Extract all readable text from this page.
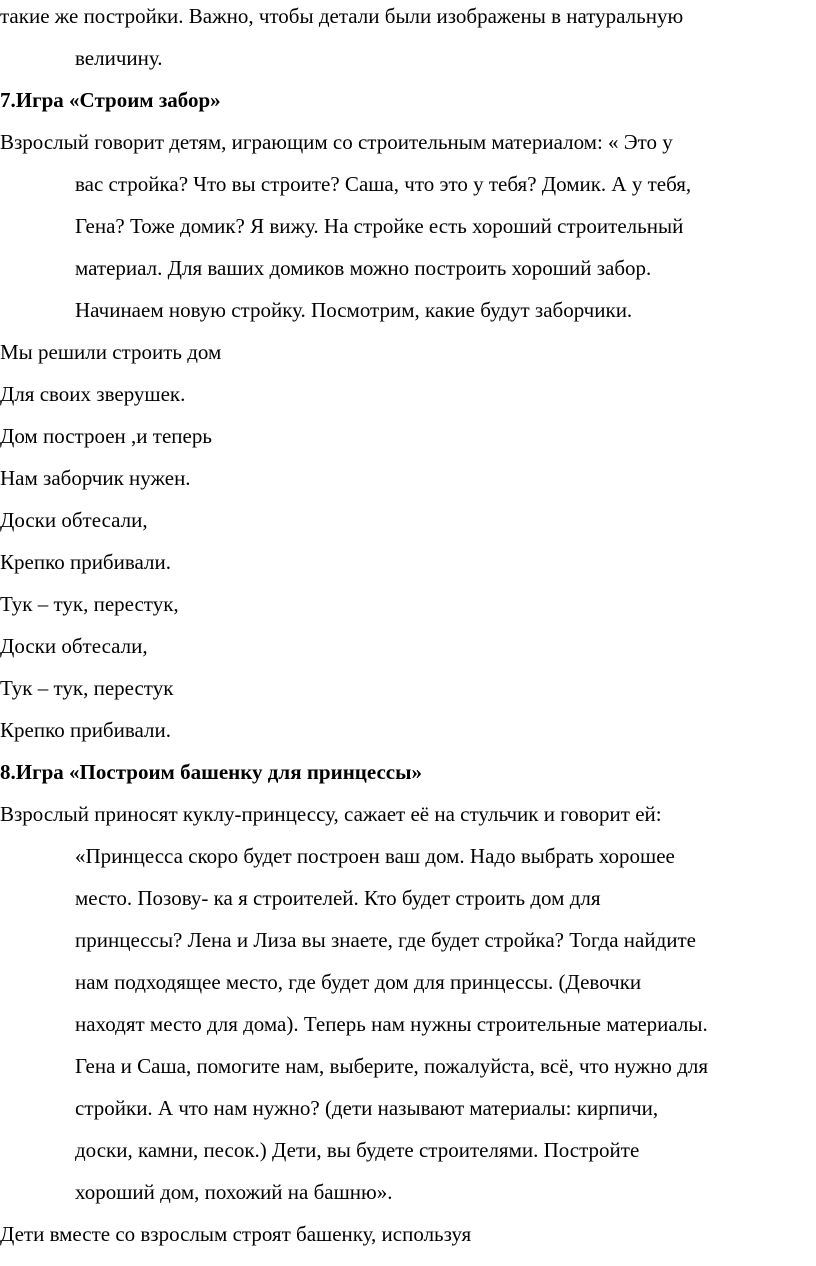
такие же постройки. Важно, чтобы детали были изображены в натуральную
величину.
7.Игра «Строим забор»
Взрослый говорит детям, играющим со строительным материалом: « Это у
вас стройка? Что вы строите? Саша, что это у тебя? Домик. А у тебя,
Гена? Тоже домик? Я вижу. На стройке есть хороший строительный
материал. Для ваших домиков можно построить хороший забор.
Начинаем новую стройку. Посмотрим, какие будут заборчики.
Мы решили строить дом
Для своих зверушек.
Дом построен ,и теперь
Нам заборчик нужен.
Доски обтесали,
Крепко прибивали.
Тук – тук, перестук,
Доски обтесали,
Тук – тук, перестук
Крепко прибивали.
8.Игра «Построим башенку для принцессы»
Взрослый приносят куклу-принцессу, сажает её на стульчик и говорит ей:
«Принцесса скоро будет построен ваш дом. Надо выбрать хорошее
место. Позову- ка я строителей. Кто будет строить дом для
принцессы? Лена и Лиза вы знаете, где будет стройка? Тогда найдите
нам подходящее место, где будет дом для принцессы. (Девочки
находят место для дома). Теперь нам нужны строительные материалы.
Гена и Саша, помогите нам, выберите, пожалуйста, всё, что нужно для
стройки. А что нам нужно? (дети называют материалы: кирпичи,
доски, камни, песок.) Дети, вы будете строителями. Постройте
хороший дом, похожий на башню».
Дети вместе со взрослым строят башенку, используя
